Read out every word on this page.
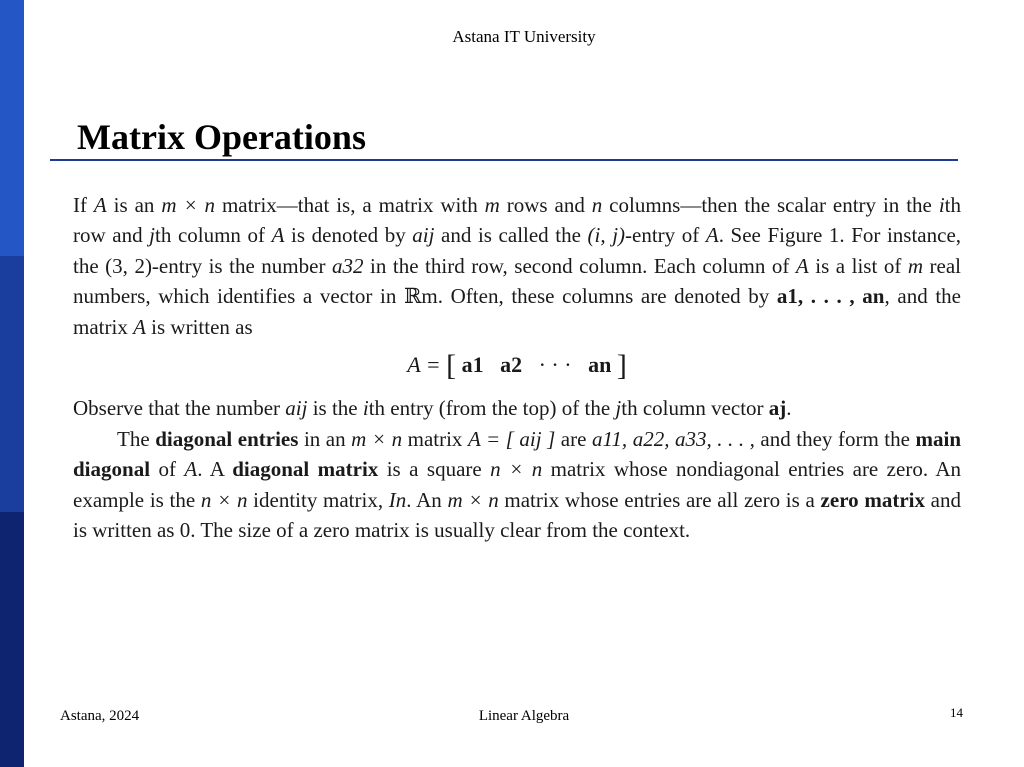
Astana IT University
Matrix Operations

If A is an m × n matrix—that is, a matrix with m rows and n columns—then the scalar entry in the ith row and jth column of A is denoted by aij and is called the (i, j)-entry of A. See Figure 1. For instance, the (3, 2)-entry is the number a32 in the third row, second column. Each column of A is a list of m real numbers, which identifies a vector in ℝm. Often, these columns are denoted by a1, . . . , an, and the matrix A is written as

A = [ a1 a2 · · · an ]

Observe that the number aij is the ith entry (from the top) of the jth column vector aj.

The diagonal entries in an m × n matrix A = [ aij ] are a11, a22, a33, . . . , and they form the main diagonal of A. A diagonal matrix is a square n × n matrix whose nondiagonal entries are zero. An example is the n × n identity matrix, In. An m × n matrix whose entries are all zero is a zero matrix and is written as 0. The size of a zero matrix is usually clear from the context.

Astana, 2024	Linear Algebra	14
